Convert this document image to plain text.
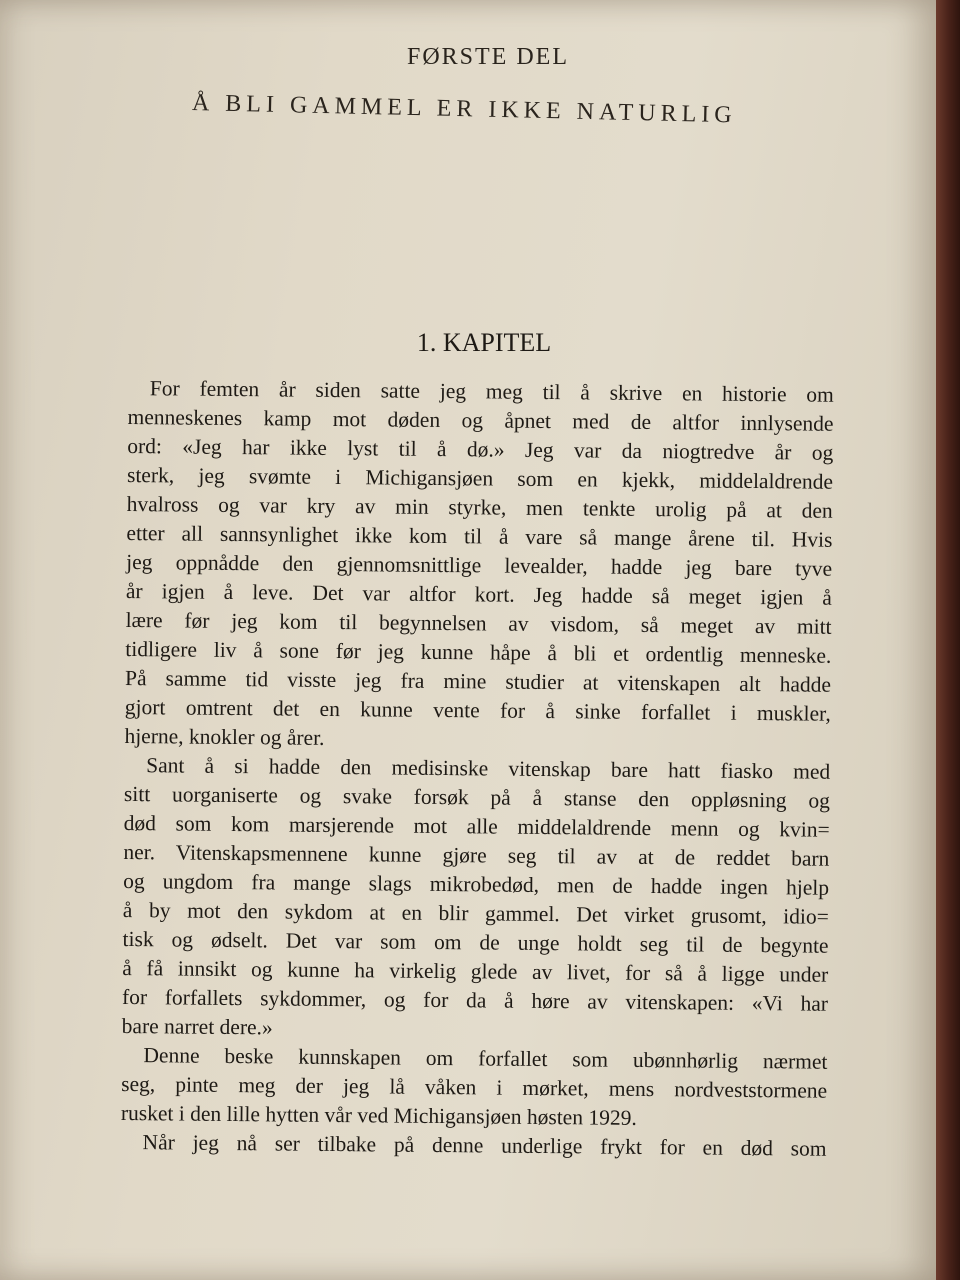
FØRSTE DEL
Å BLI GAMMEL ER IKKE NATURLIG
1. KAPITEL
For femten år siden satte jeg meg til å skrive en historie om
menneskenes kamp mot døden og åpnet med de altfor innlysende
ord: «Jeg har ikke lyst til å dø.» Jeg var da niogtredve år og
sterk, jeg svømte i Michigansjøen som en kjekk, middelaldrende
hvalross og var kry av min styrke, men tenkte urolig på at den
etter all sannsynlighet ikke kom til å vare så mange årene til. Hvis
jeg oppnådde den gjennomsnittlige levealder, hadde jeg bare tyve
år igjen å leve. Det var altfor kort. Jeg hadde så meget igjen å
lære før jeg kom til begynnelsen av visdom, så meget av mitt
tidligere liv å sone før jeg kunne håpe å bli et ordentlig menneske.
På samme tid visste jeg fra mine studier at vitenskapen alt hadde
gjort omtrent det en kunne vente for å sinke forfallet i muskler,
hjerne, knokler og årer.
Sant å si hadde den medisinske vitenskap bare hatt fiasko med
sitt uorganiserte og svake forsøk på å stanse den oppløsning og
død som kom marsjerende mot alle middelaldrende menn og kvin=
ner. Vitenskapsmennene kunne gjøre seg til av at de reddet barn
og ungdom fra mange slags mikrobedød, men de hadde ingen hjelp
å by mot den sykdom at en blir gammel. Det virket grusomt, idio=
tisk og ødselt. Det var som om de unge holdt seg til de begynte
å få innsikt og kunne ha virkelig glede av livet, for så å ligge under
for forfallets sykdommer, og for da å høre av vitenskapen: «Vi har
bare narret dere.»
Denne beske kunnskapen om forfallet som ubønnhørlig nærmet
seg, pinte meg der jeg lå våken i mørket, mens nordveststormene
rusket i den lille hytten vår ved Michigansjøen høsten 1929.
Når jeg nå ser tilbake på denne underlige frykt for en død som
